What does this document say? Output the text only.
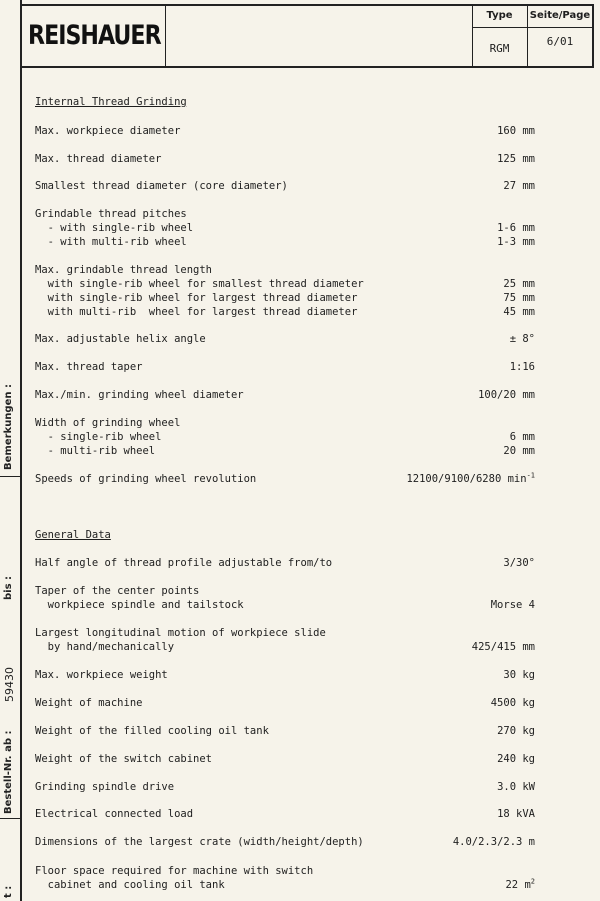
Bemerkungen :
bis :
59430
Bestell-Nr. ab :
t :
REISHAUER
Type	Seite/Page
RGM
6/01
Internal Thread Grinding
Max. workpiece diameter	160 mm
Max. thread diameter	125 mm
Smallest thread diameter (core diameter)	27 mm
Grindable thread pitches
- with single-rib wheel	1-6 mm
- with multi-rib wheel	1-3 mm
Max. grindable thread length
with single-rib wheel for smallest thread diameter	25 mm
with single-rib wheel for largest thread diameter	75 mm
with multi-rib  wheel for largest thread diameter	45 mm
Max. adjustable helix angle	± 8°
Max. thread taper	1:16
Max./min. grinding wheel diameter	100/20 mm
Width of grinding wheel
- single-rib wheel	6 mm
- multi-rib wheel	20 mm
Speeds of grinding wheel revolution	12100/9100/6280 $\min^{-1}$
General Data
Half angle of thread profile adjustable from/to	3/30°
Taper of the center points
workpiece spindle and tailstock	Morse 4
Largest longitudinal motion of workpiece slide
by hand/mechanically	425/415 mm
Max. workpiece weight	30 kg
Weight of machine	4500 kg
Weight of the filled cooling oil tank	270 kg
Weight of the switch cabinet	240 kg
Grinding spindle drive	3.0 kW
Electrical connected load	18 kVA
Dimensions of the largest crate (width/height/depth)	4.0/2.3/2.3 m
Floor space required for machine with switch
cabinet and cooling oil tank	22 $m^2$
